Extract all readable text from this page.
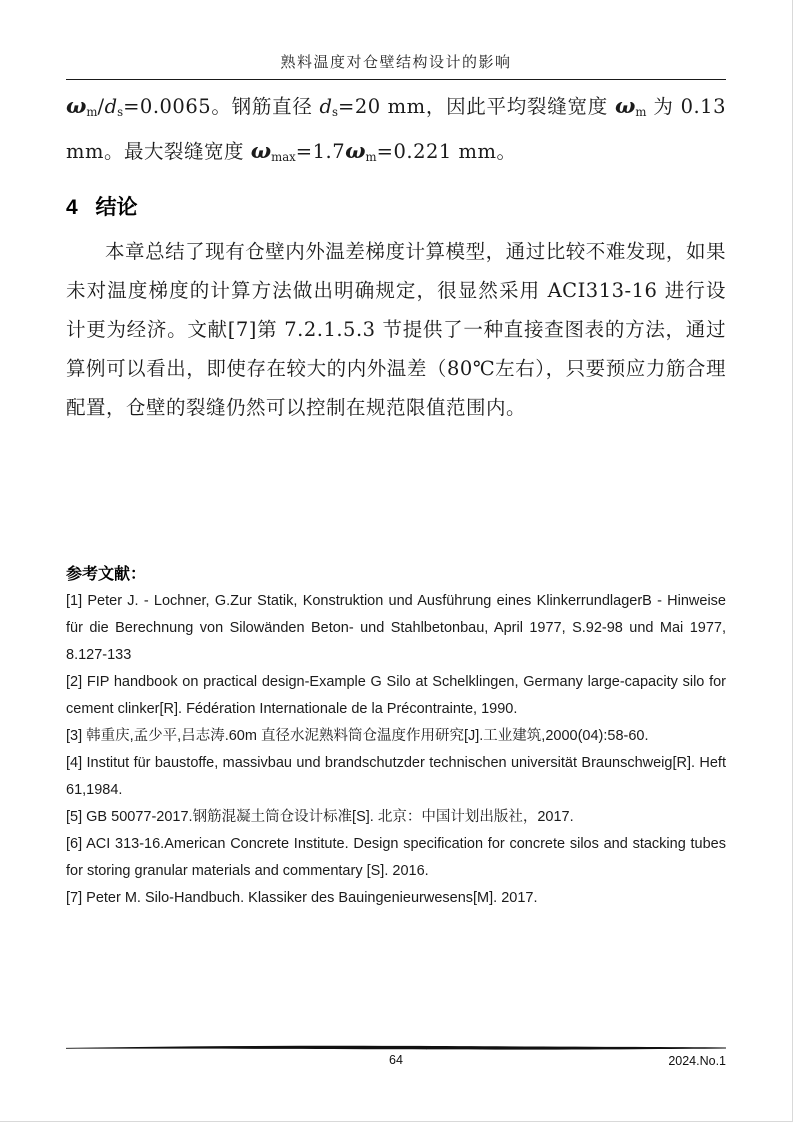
熟料温度对仓壁结构设计的影响

ωm/ds=0.0065。钢筋直径 ds=20 mm，因此平均裂缝宽度 ωm 为 0.13 mm。最大裂缝宽度 ωmax=1.7ωm=0.221 mm。

4 结论

本章总结了现有仓壁内外温差梯度计算模型，通过比较不难发现，如果未对温度梯度的计算方法做出明确规定，很显然采用 ACI313-16 进行设计更为经济。文献[7]第 7.2.1.5.3 节提供了一种直接查图表的方法，通过算例可以看出，即使存在较大的内外温差（80℃左右），只要预应力筋合理配置，仓壁的裂缝仍然可以控制在规范限值范围内。

参考文献：

[1] Peter J. - Lochner, G.Zur Statik, Konstruktion und Ausführung eines KlinkerrundlagerB - Hinweise für die Berechnung von Silowänden Beton- und Stahlbetonbau, April 1977, S.92-98 und Mai 1977, 8.127-133

[2] FIP handbook on practical design-Example G Silo at Schelklingen, Germany large-capacity silo for cement clinker[R]. Fédération Internationale de la Précontrainte, 1990.

[3] 韩重庆,孟少平,吕志涛.60m 直径水泥熟料筒仓温度作用研究[J].工业建筑,2000(04):58-60.

[4] Institut für baustoffe, massivbau und brandschutzder technischen universität Braunschweig[R]. Heft 61,1984.

[5] GB 50077-2017.钢筋混凝土筒仓设计标准[S]. 北京：中国计划出版社，2017.

[6] ACI 313-16.American Concrete Institute. Design specification for concrete silos and stacking tubes for storing granular materials and commentary [S]. 2016.

[7] Peter M. Silo-Handbuch. Klassiker des Bauingenieurwesens[M]. 2017.

64	2024.No.1
